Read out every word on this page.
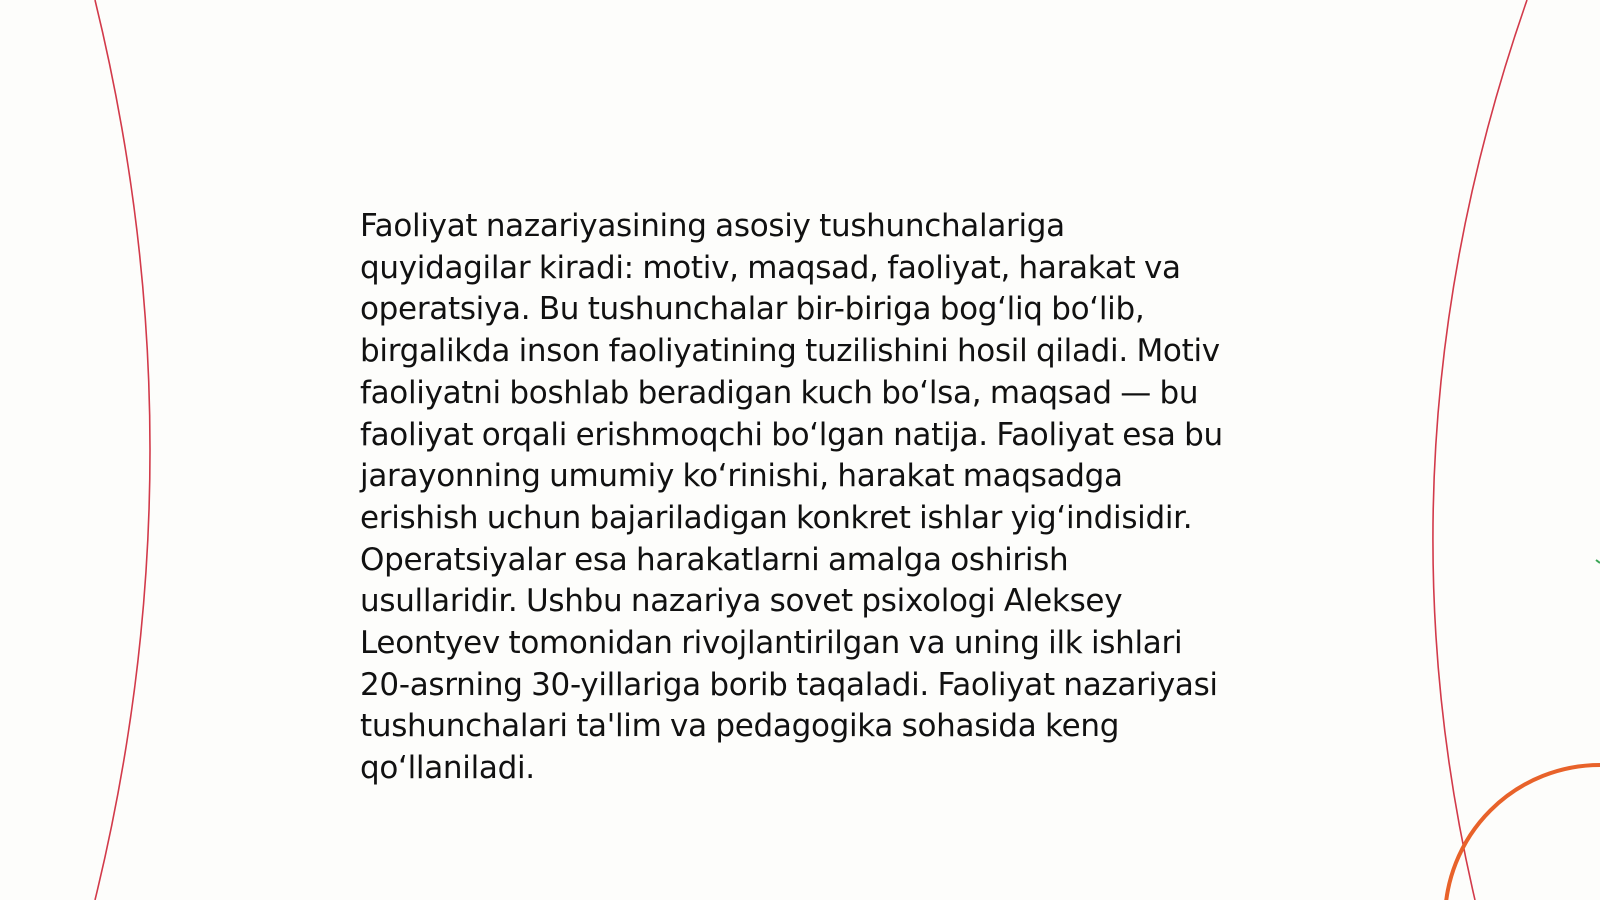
Faoliyat nazariyasining asosiy tushunchalariga quyidagilar kiradi: motiv, maqsad, faoliyat, harakat va operatsiya. Bu tushunchalar bir-biriga bog‘liq bo‘lib, birgalikda inson faoliyatining tuzilishini hosil qiladi. Motiv faoliyatni boshlab beradigan kuch bo‘lsa, maqsad — bu faoliyat orqali erishmoqchi bo‘lgan natija. Faoliyat esa bu jarayonning umumiy ko‘rinishi, harakat maqsadga erishish uchun bajariladigan konkret ishlar yig‘indisidir. Operatsiyalar esa harakatlarni amalga oshirish usullaridir. Ushbu nazariya sovet psixologi Aleksey Leontyev tomonidan rivojlantirilgan va uning ilk ishlari 20-asrning 30-yillariga borib taqaladi. Faoliyat nazariyasi tushunchalari ta'lim va pedagogika sohasida keng qo‘llaniladi.
